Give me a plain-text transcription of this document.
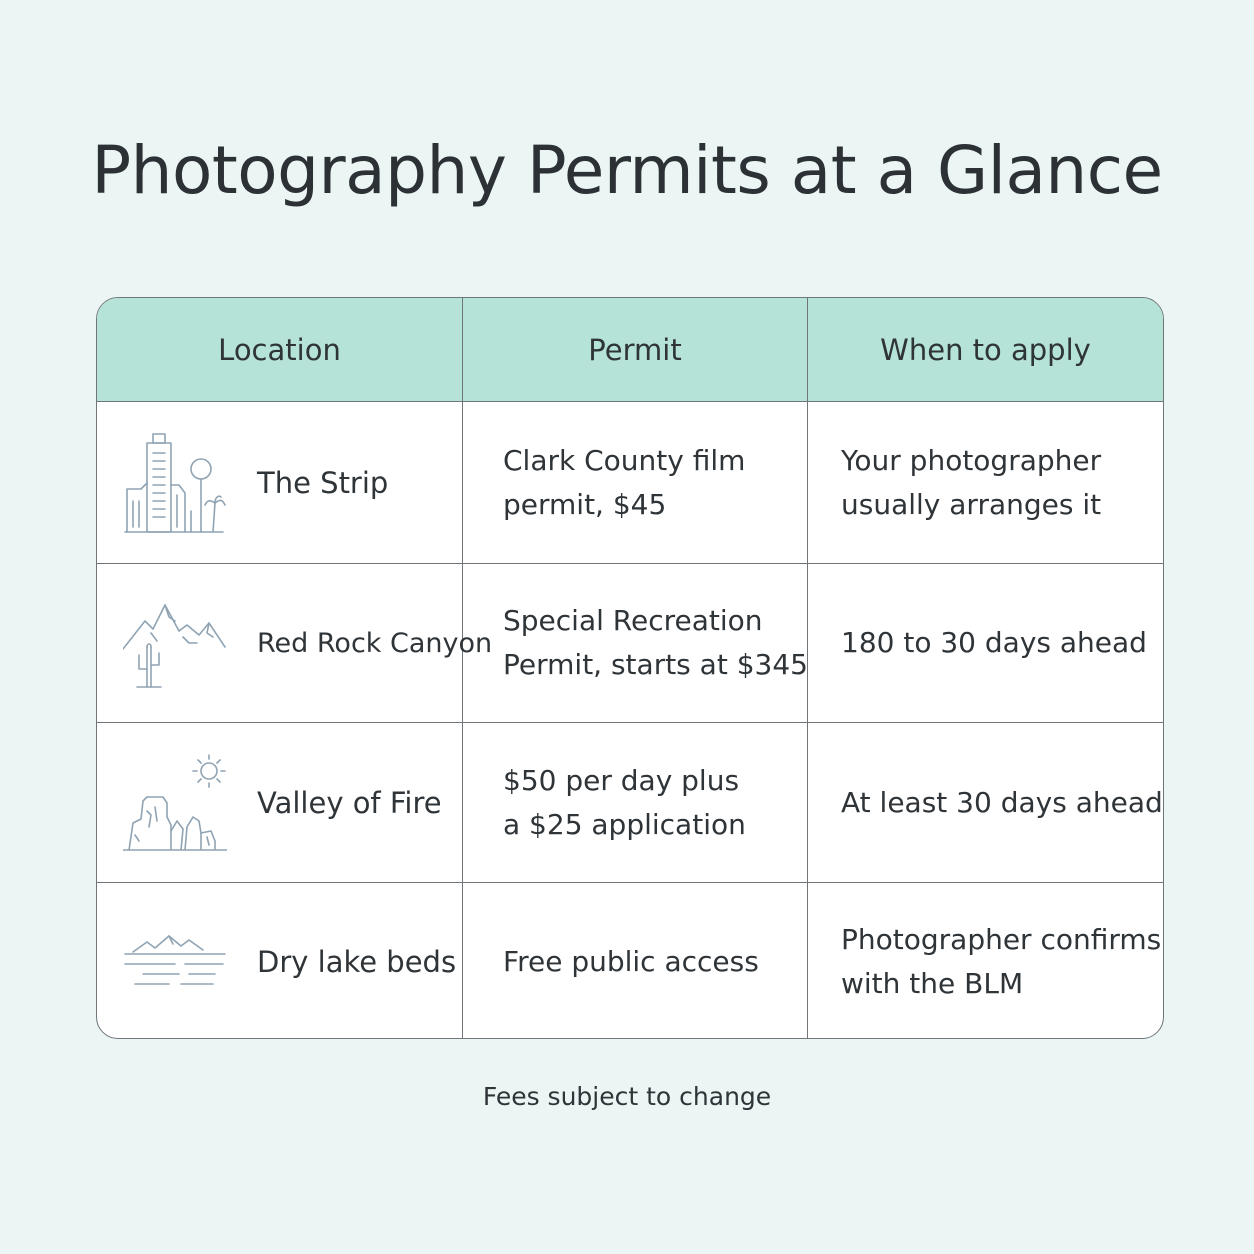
Photography Permits at a Glance
Location	Permit	When to apply
The Strip
Clark County film
permit, $45
Your photographer
usually arranges it
Red Rock Canyon
Special Recreation
Permit, starts at $345
180 to 30 days ahead
Valley of Fire
$50 per day plus
a $25 application
At least 30 days ahead
Dry lake beds Free public access
Photographer confirms
with the BLM
Fees subject to change
